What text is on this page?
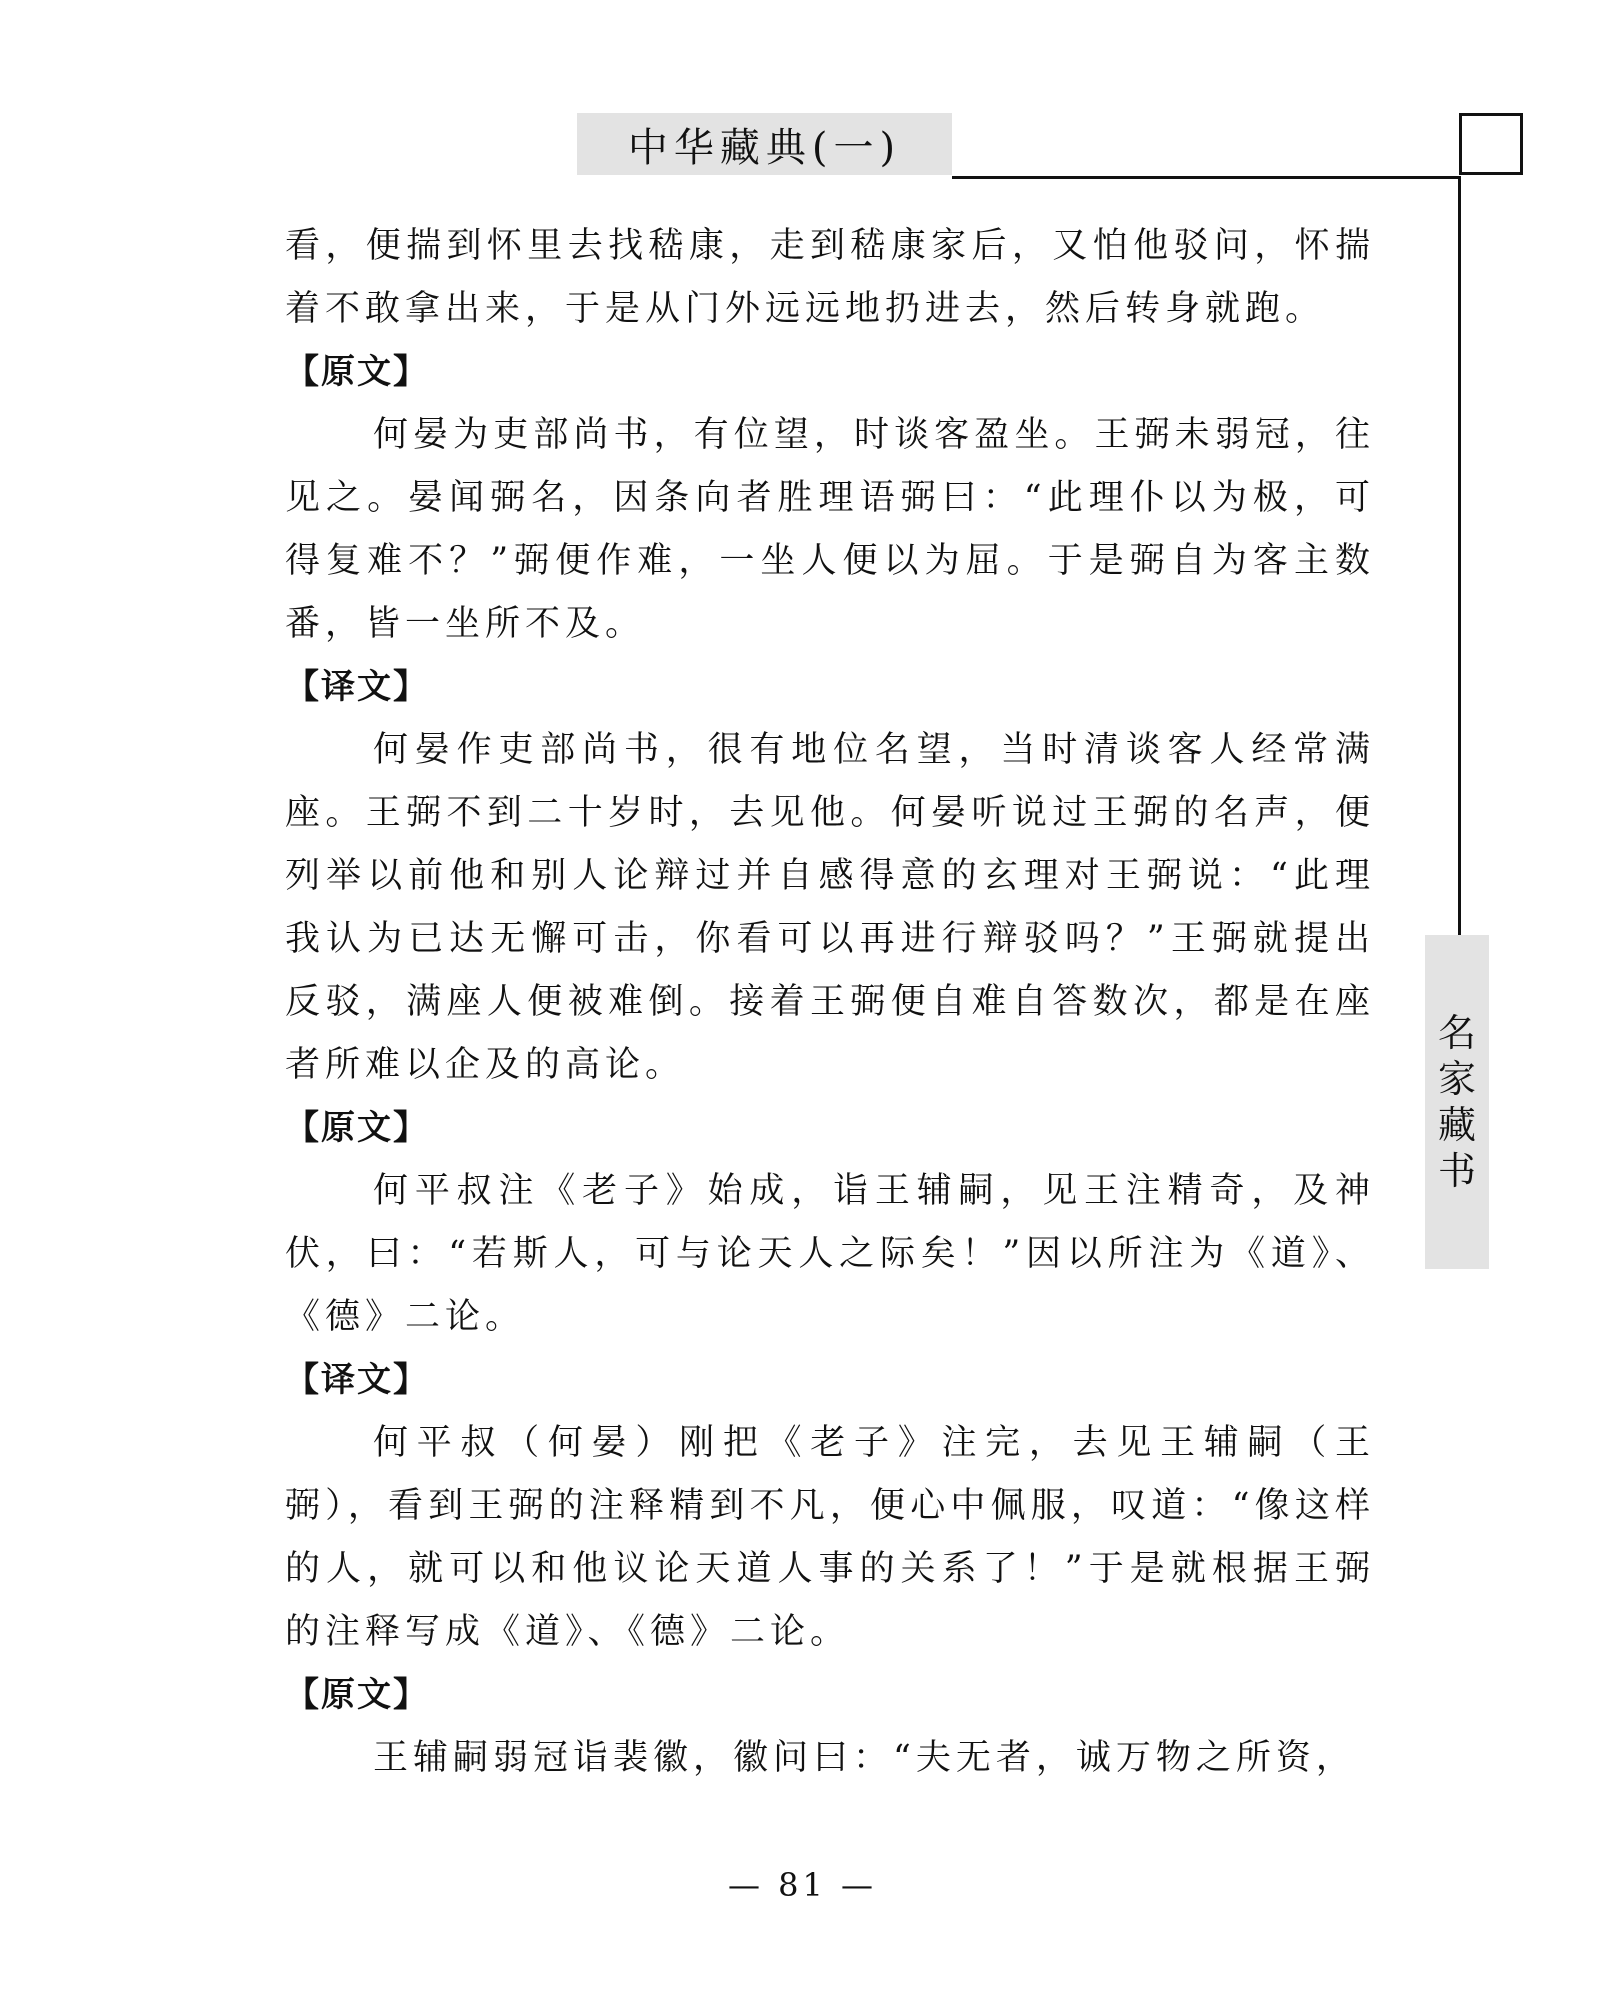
中华藏典(一)
名
家
藏
书

看，便揣到怀里去找嵇康，走到嵇康家后，又怕他驳问，怀揣着不敢拿出来，于是从门外远远地扔进去，然后转身就跑。

【原文】

何晏为吏部尚书，有位望，时谈客盈坐。王弼未弱冠，往见之。晏闻弼名，因条向者胜理语弼曰：“此理仆以为极，可得复难不？”弼便作难，一坐人便以为屈。于是弼自为客主数番，皆一坐所不及。

【译文】

何晏作吏部尚书，很有地位名望，当时清谈客人经常满座。王弼不到二十岁时，去见他。何晏听说过王弼的名声，便列举以前他和别人论辩过并自感得意的玄理对王弼说：“此理我认为已达无懈可击，你看可以再进行辩驳吗？”王弼就提出反驳，满座人便被难倒。接着王弼便自难自答数次，都是在座者所难以企及的高论。

【原文】

何平叔注《老子》始成，诣王辅嗣，见王注精奇，及神伏，曰：“若斯人，可与论天人之际矣！”因以所注为《道》、《德》二论。

【译文】

何平叔（何晏）刚把《老子》注完，去见王辅嗣（王弼），看到王弼的注释精到不凡，便心中佩服，叹道：“像这样的人，就可以和他议论天道人事的关系了！”于是就根据王弼的注释写成《道》、《德》二论。

【原文】

王辅嗣弱冠诣裴徽，徽问曰：“夫无者，诚万物之所资，

— 81 —
